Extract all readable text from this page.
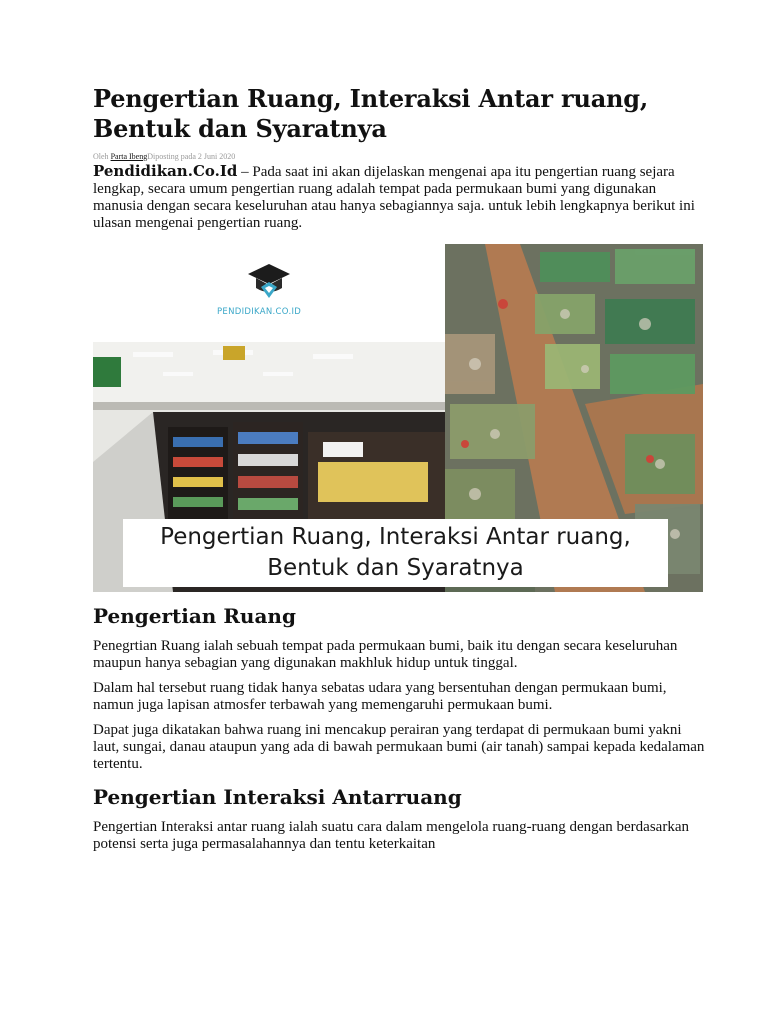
Pengertian Ruang, Interaksi Antar ruang,
Bentuk dan Syaratnya
Oleh Parta IbengDiposting pada 2 Juni 2020

Pendidikan.Co.Id – Pada saat ini akan dijelaskan mengenai apa itu pengertian ruang sejara lengkap, secara umum pengertian ruang adalah tempat pada permukaan bumi yang digunakan manusia dengan secara keseluruhan atau hanya sebagiannya saja. untuk lebih lengkapnya berikut ini ulasan mengenai pengertian ruang.

PENDIDIKAN.CO.ID
Pengertian Ruang, Interaksi Antar ruang,
Bentuk dan Syaratnya
Pengertian Ruang

Penegrtian Ruang ialah sebuah tempat pada permukaan bumi, baik itu dengan secara keseluruhan maupun hanya sebagian yang digunakan makhluk hidup untuk tinggal.

Dalam hal tersebut ruang tidak hanya sebatas udara yang bersentuhan dengan permukaan bumi, namun juga lapisan atmosfer terbawah yang memengaruhi permukaan bumi.

Dapat juga dikatakan bahwa ruang ini mencakup perairan yang terdapat di permukaan bumi yakni laut, sungai, danau ataupun yang ada di bawah permukaan bumi (air tanah) sampai kepada kedalaman tertentu.

Pengertian Interaksi Antarruang

Pengertian Interaksi antar ruang ialah suatu cara dalam mengelola ruang-ruang dengan berdasarkan potensi serta juga permasalahannya dan tentu keterkaitan
